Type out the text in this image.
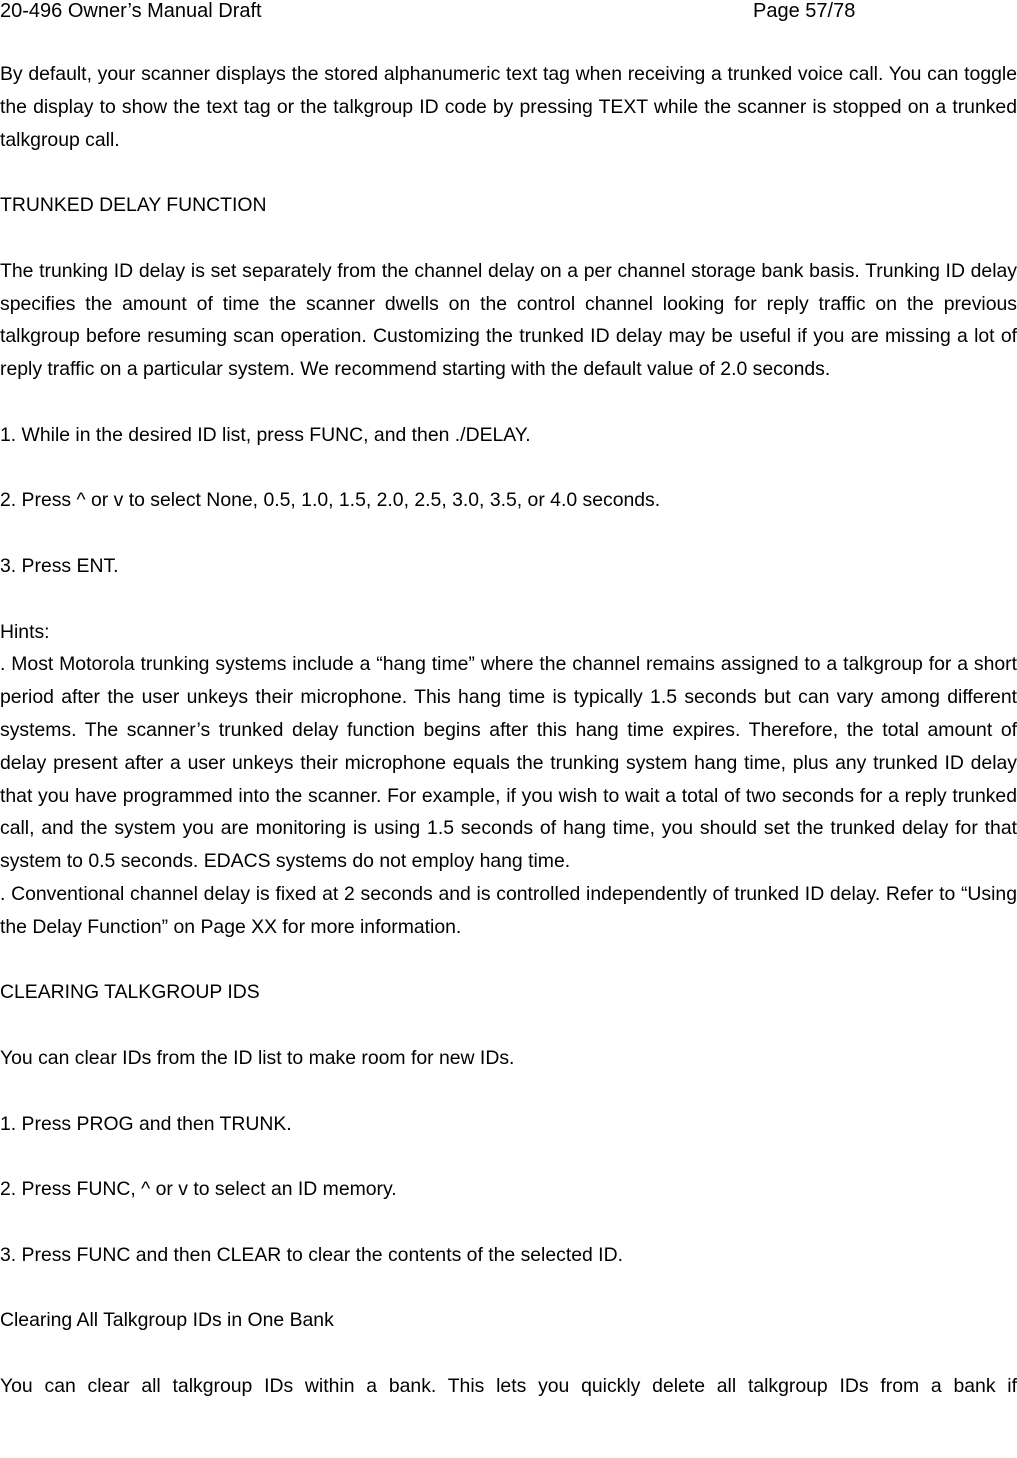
20-496 Owner’s Manual Draft	Page 57/78

By default, your scanner displays the stored alphanumeric text tag when receiving a trunked voice call. You can toggle the display to show the text tag or the talkgroup ID code by pressing TEXT while the scanner is stopped on a trunked talkgroup call.

TRUNKED DELAY FUNCTION

The trunking ID delay is set separately from the channel delay on a per channel storage bank basis. Trunking ID delay specifies the amount of time the scanner dwells on the control channel looking for reply traffic on the previous talkgroup before resuming scan operation. Customizing the trunked ID delay may be useful if you are missing a lot of reply traffic on a particular system. We recommend starting with the default value of 2.0 seconds.

1. While in the desired ID list, press FUNC, and then ./DELAY.

2. Press ^ or v to select None, 0.5, 1.0, 1.5, 2.0, 2.5, 3.0, 3.5, or 4.0 seconds.

3. Press ENT.

Hints:

. Most Motorola trunking systems include a “hang time” where the channel remains assigned to a talkgroup for a short period after the user unkeys their microphone. This hang time is typically 1.5 seconds but can vary among different systems. The scanner’s trunked delay function begins after this hang time expires. Therefore, the total amount of delay present after a user unkeys their microphone equals the trunking system hang time, plus any trunked ID delay that you have programmed into the scanner. For example, if you wish to wait a total of two seconds for a reply trunked call, and the system you are monitoring is using 1.5 seconds of hang time, you should set the trunked delay for that system to 0.5 seconds. EDACS systems do not employ hang time.

. Conventional channel delay is fixed at 2 seconds and is controlled independently of trunked ID delay. Refer to “Using the Delay Function” on Page XX for more information.

CLEARING TALKGROUP IDS

You can clear IDs from the ID list to make room for new IDs.

1. Press PROG and then TRUNK.

2. Press FUNC, ^ or v to select an ID memory.

3. Press FUNC and then CLEAR to clear the contents of the selected ID.

Clearing All Talkgroup IDs in One Bank

You can clear all talkgroup IDs within a bank. This lets you quickly delete all talkgroup IDs from a bank if
